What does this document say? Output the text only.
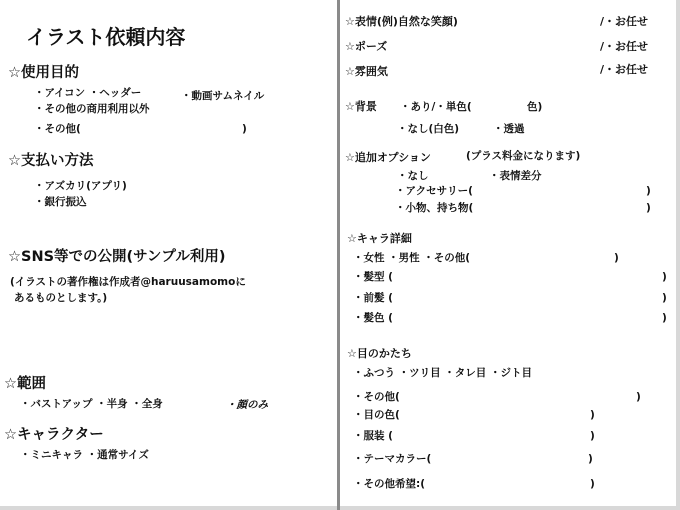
イラスト依頼内容
☆使用目的
・アイコン ・ヘッダー	・動画サムネイル
・その他の商用利用以外
・その他(	)
☆支払い方法
・アズカリ(アプリ)
・銀行振込
☆SNS等での公開(サンプル利用)
(イラストの著作権は作成者@haruusamomoに
あるものとします。)
☆範囲
・バストアップ ・半身 ・全身	・顔のみ
☆キャラクター
・ミニキャラ ・通常サイズ
☆表情(例)自然な笑顔)	/・お任せ
☆ポーズ	/・お任せ
☆雰囲気	/・お任せ
☆背景 ・あり/・単色(	色)
・なし(白色)	・透過
☆追加オプション	(プラス料金になります)
・なし	・表情差分
・アクセサリー(	)
・小物、持ち物(	)
☆キャラ詳細
・女性 ・男性 ・その他(	)
・髪型 (	)
・前髪 (	)
・髪色 (	)
☆目のかたち
・ふつう ・ツリ目 ・タレ目 ・ジト目
・その他(	)
・目の色(	)
・服装 (	)
・テーマカラー(	)
・その他希望:(	)
